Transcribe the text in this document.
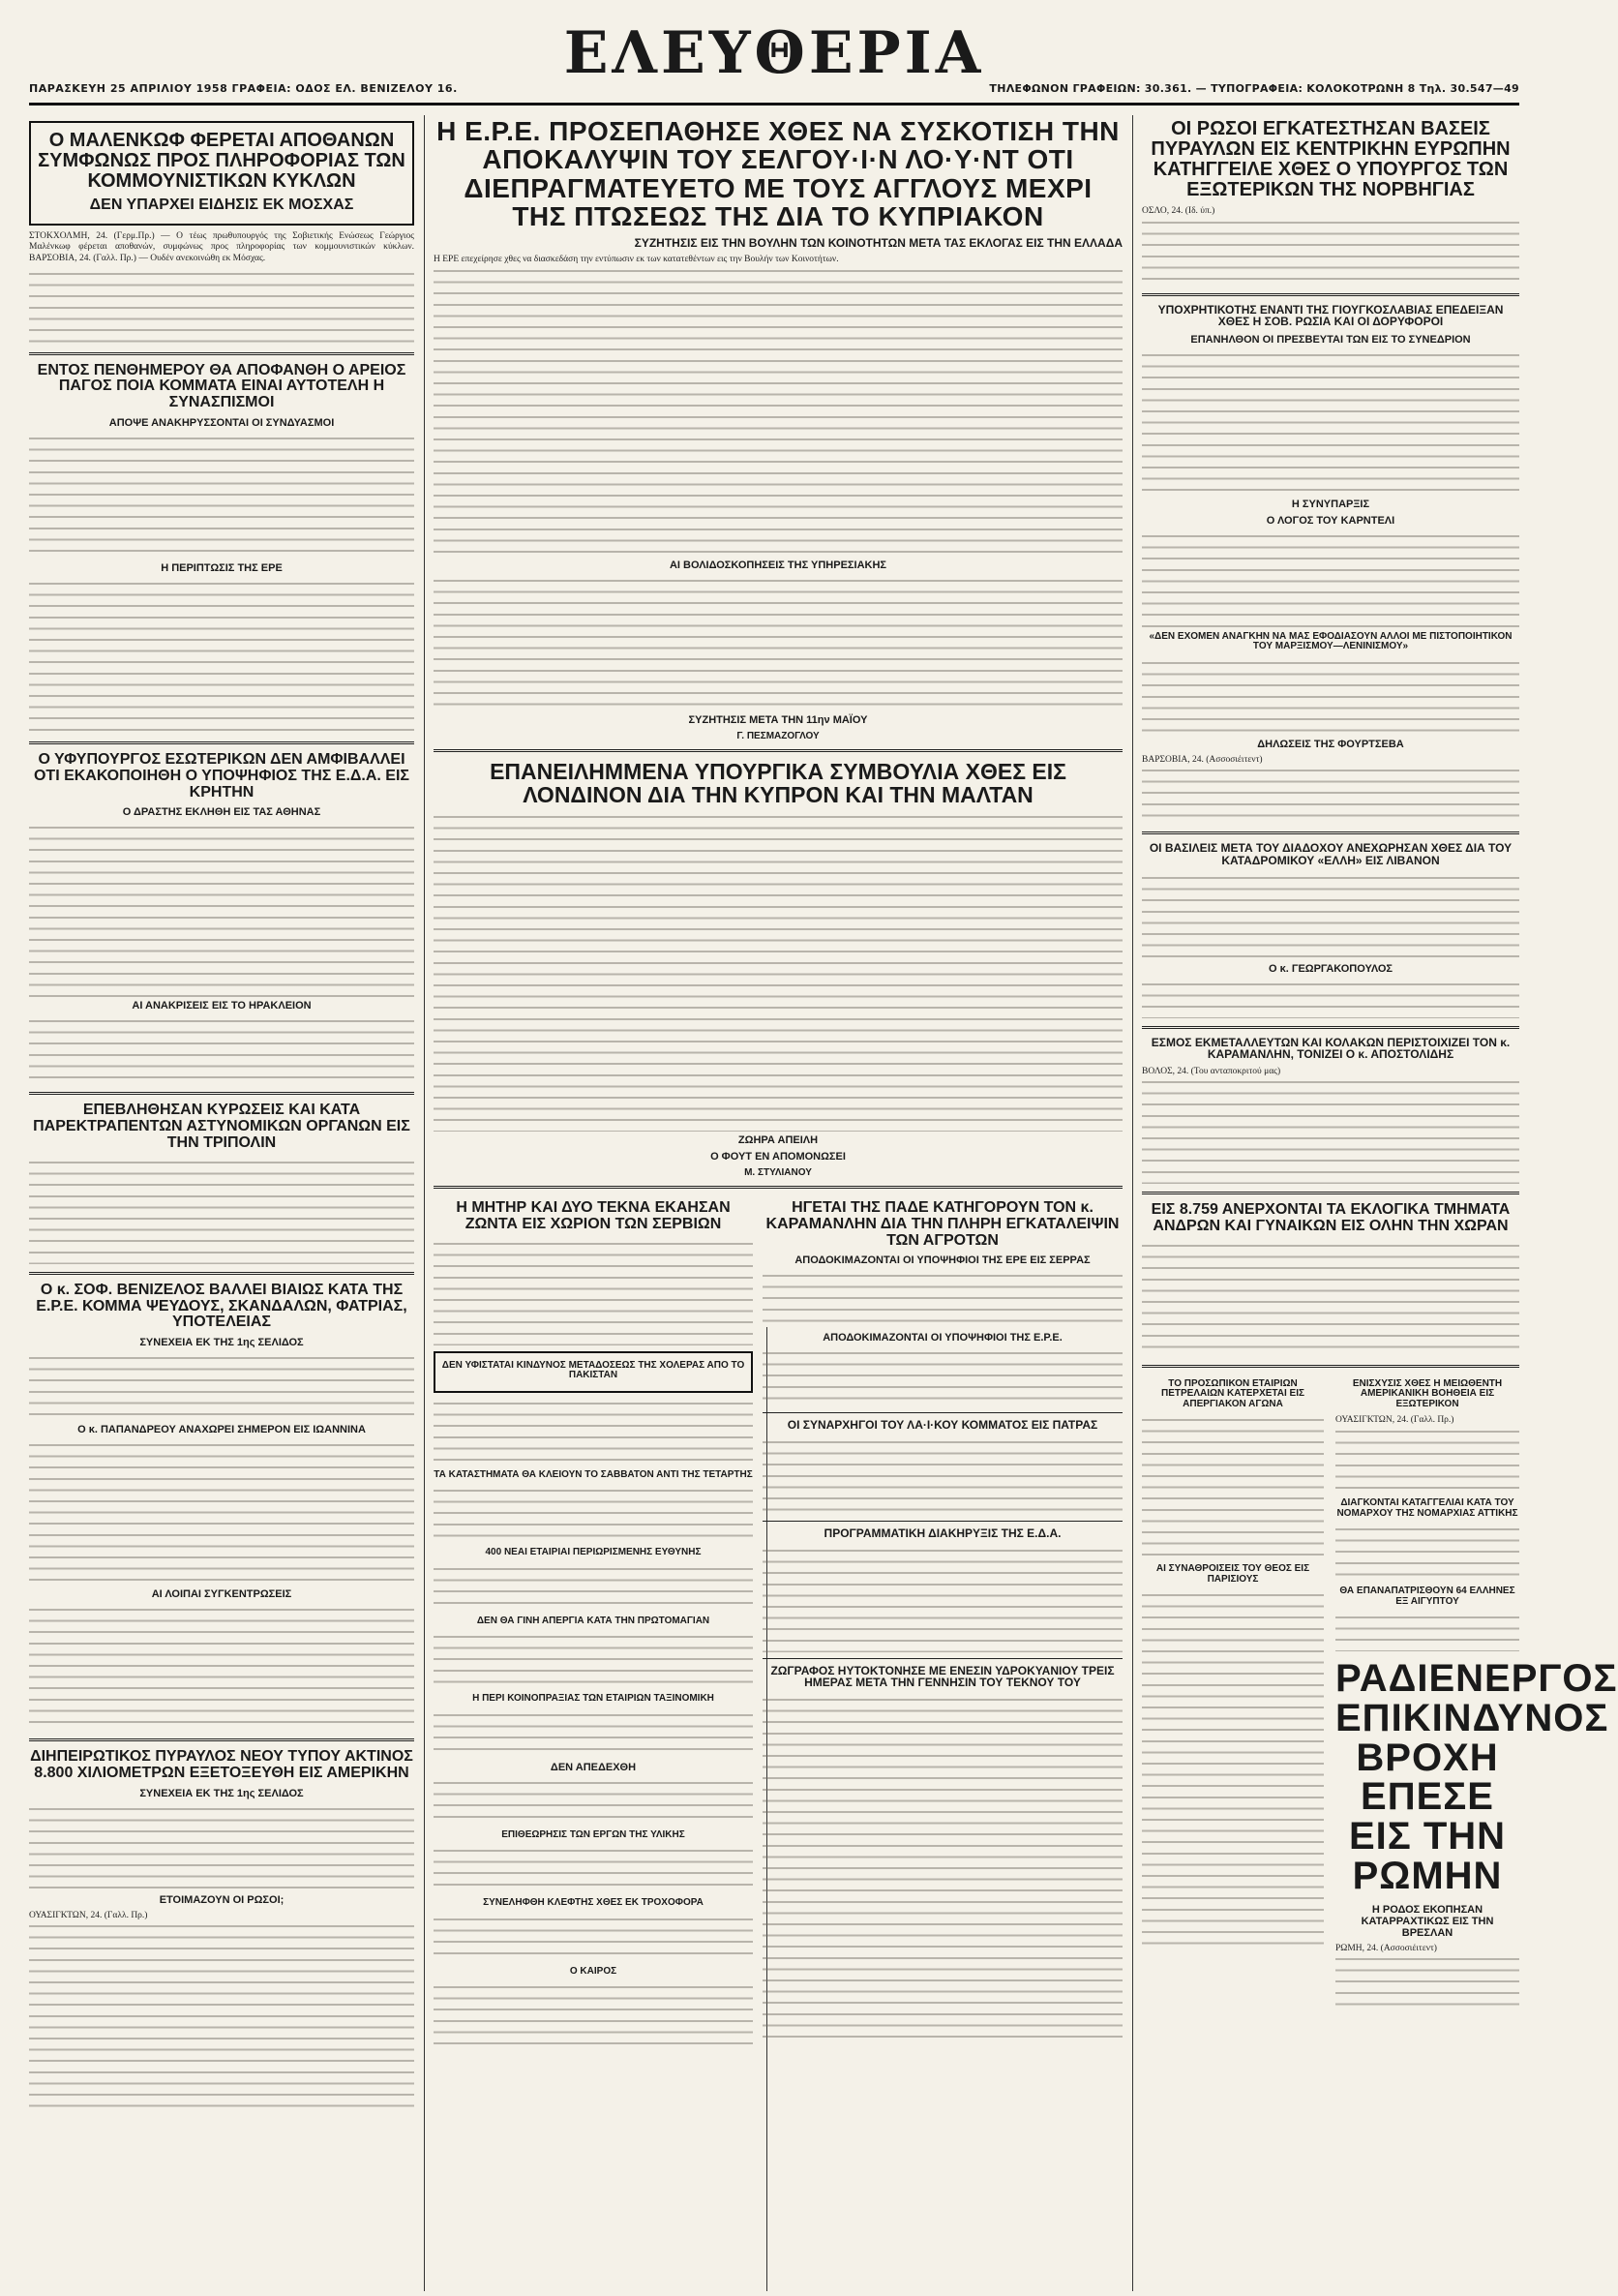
ΠΑΡΑΣΚΕΥΗ 25 ΑΠΡΙΛΙΟΥ 1958 ΓΡΑΦΕΙΑ: ΟΔΟΣ ΕΛ. ΒΕΝΙΖΕΛΟΥ 16.
ΕΛΕΥΘΕΡΙΑ
ΤΗΛΕΦΩΝΟΝ ΓΡΑΦΕΙΩΝ: 30.361. — ΤΥΠΟΓΡΑΦΕΙΑ: ΚΟΛΟΚΟΤΡΩΝΗ 8 Τηλ. 30.547—49
Ο ΜΑΛΕΝΚΩΦ ΦΕΡΕΤΑΙ ΑΠΟΘΑΝΩΝ ΣΥΜΦΩΝΩΣ ΠΡΟΣ ΠΛΗΡΟΦΟΡΙΑΣ ΤΩΝ ΚΟΜΜΟΥΝΙΣΤΙΚΩΝ ΚΥΚΛΩΝ
ΔΕΝ ΥΠΑΡΧΕΙ ΕΙΔΗΣΙΣ ΕΚ ΜΟΣΧΑΣ

ΣΤΟΚΧΟΛΜΗ, 24. (Γερμ.Πρ.) — Ο τέως πρωθυπουργός της Σοβιετικής Ενώσεως Γεώργιος Μαλένκωφ φέρεται αποθανών, συμφώνως προς πληροφορίας των κομμουνιστικών κύκλων. ΒΑΡΣΟΒΙΑ, 24. (Γαλλ. Πρ.) — Ουδέν ανεκοινώθη εκ Μόσχας.

ΕΝΤΟΣ ΠΕΝΘΗΜΕΡΟΥ ΘΑ ΑΠΟΦΑΝΘΗ Ο ΑΡΕΙΟΣ ΠΑΓΟΣ ΠΟΙΑ ΚΟΜΜΑΤΑ ΕΙΝΑΙ ΑΥΤΟΤΕΛΗ Η ΣΥΝΑΣΠΙΣΜΟΙ
ΑΠΟΨΕ ΑΝΑΚΗΡΥΣΣΟΝΤΑΙ ΟΙ ΣΥΝΔΥΑΣΜΟΙ
Η ΠΕΡΙΠΤΩΣΙΣ ΤΗΣ ΕΡΕ
Ο ΥΦΥΠΟΥΡΓΟΣ ΕΣΩΤΕΡΙΚΩΝ ΔΕΝ ΑΜΦΙΒΑΛΛΕΙ ΟΤΙ ΕΚΑΚΟΠΟΙΗΘΗ Ο ΥΠΟΨΗΦΙΟΣ ΤΗΣ Ε.Δ.Α. ΕΙΣ ΚΡΗΤΗΝ
Ο ΔΡΑΣΤΗΣ ΕΚΛΗΘΗ ΕΙΣ ΤΑΣ ΑΘΗΝΑΣ
ΑΙ ΑΝΑΚΡΙΣΕΙΣ ΕΙΣ ΤΟ ΗΡΑΚΛΕΙΟΝ
ΕΠΕΒΛΗΘΗΣΑΝ ΚΥΡΩΣΕΙΣ ΚΑΙ ΚΑΤΑ ΠΑΡΕΚΤΡΑΠΕΝΤΩΝ ΑΣΤΥΝΟΜΙΚΩΝ ΟΡΓΑΝΩΝ ΕΙΣ ΤΗΝ ΤΡΙΠΟΛΙΝ
Ο κ. ΣΟΦ. ΒΕΝΙΖΕΛΟΣ ΒΑΛΛΕΙ ΒΙΑΙΩΣ ΚΑΤΑ ΤΗΣ Ε.Ρ.Ε. ΚΟΜΜΑ ΨΕΥΔΟΥΣ, ΣΚΑΝΔΑΛΩΝ, ΦΑΤΡΙΑΣ, ΥΠΟΤΕΛΕΙΑΣ
ΣΥΝΕΧΕΙΑ ΕΚ ΤΗΣ 1ης ΣΕΛΙΔΟΣ
Ο κ. ΠΑΠΑΝΔΡΕΟΥ ΑΝΑΧΩΡΕΙ ΣΗΜΕΡΟΝ ΕΙΣ ΙΩΑΝΝΙΝΑ
ΑΙ ΛΟΙΠΑΙ ΣΥΓΚΕΝΤΡΩΣΕΙΣ
ΔΙΗΠΕΙΡΩΤΙΚΟΣ ΠΥΡΑΥΛΟΣ ΝΕΟΥ ΤΥΠΟΥ ΑΚΤΙΝΟΣ 8.800 ΧΙΛΙΟΜΕΤΡΩΝ ΕΞΕΤΟΞΕΥΘΗ ΕΙΣ ΑΜΕΡΙΚΗΝ
ΣΥΝΕΧΕΙΑ ΕΚ ΤΗΣ 1ης ΣΕΛΙΔΟΣ
ΕΤΟΙΜΑΖΟΥΝ ΟΙ ΡΩΣΟΙ;

ΟΥΑΣΙΓΚΤΩΝ, 24. (Γαλλ. Πρ.)

Η Ε.Ρ.Ε. ΠΡΟΣΕΠΑΘΗΣΕ ΧΘΕΣ ΝΑ ΣΥΣΚΟΤΙΣΗ ΤΗΝ ΑΠΟΚΑΛΥΨΙΝ ΤΟΥ ΣΕΛΓΟΥ·Ι·Ν ΛΟ·Υ·ΝΤ ΟΤΙ ΔΙΕΠΡΑΓΜΑΤΕΥΕΤΟ ΜΕ ΤΟΥΣ ΑΓΓΛΟΥΣ ΜΕΧΡΙ ΤΗΣ ΠΤΩΣΕΩΣ ΤΗΣ ΔΙΑ ΤΟ ΚΥΠΡΙΑΚΟΝ
ΣΥΖΗΤΗΣΙΣ ΕΙΣ ΤΗΝ ΒΟΥΛΗΝ ΤΩΝ ΚΟΙΝΟΤΗΤΩΝ ΜΕΤΑ ΤΑΣ ΕΚΛΟΓΑΣ ΕΙΣ ΤΗΝ ΕΛΛΑΔΑ

Η ΕΡΕ επεχείρησε χθες να διασκεδάση την εντύπωσιν εκ των κατατεθέντων εις την Βουλήν των Κοινοτήτων.

ΑΙ ΒΟΛΙΔΟΣΚΟΠΗΣΕΙΣ ΤΗΣ ΥΠΗΡΕΣΙΑΚΗΣ
ΣΥΖΗΤΗΣΙΣ ΜΕΤΑ ΤΗΝ 11ην ΜΑΪΟΥ
Γ. ΠΕΣΜΑΖΟΓΛΟΥ
ΕΠΑΝΕΙΛΗΜΜΕΝΑ ΥΠΟΥΡΓΙΚΑ ΣΥΜΒΟΥΛΙΑ ΧΘΕΣ ΕΙΣ ΛΟΝΔΙΝΟΝ ΔΙΑ ΤΗΝ ΚΥΠΡΟΝ ΚΑΙ ΤΗΝ ΜΑΛΤΑΝ
ΖΩΗΡΑ ΑΠΕΙΛΗ
Ο ΦΟΥΤ ΕΝ ΑΠΟΜΟΝΩΣΕΙ
Μ. ΣΤΥΛΙΑΝΟΥ
Η ΜΗΤΗΡ ΚΑΙ ΔΥΟ ΤΕΚΝΑ ΕΚΑΗΣΑΝ ΖΩΝΤΑ ΕΙΣ ΧΩΡΙΟΝ ΤΩΝ ΣΕΡΒΙΩΝ
ΔΕΝ ΥΦΙΣΤΑΤΑΙ ΚΙΝΔΥΝΟΣ ΜΕΤΑΔΟΣΕΩΣ ΤΗΣ ΧΟΛΕΡΑΣ ΑΠΟ ΤΟ ΠΑΚΙΣΤΑΝ
ΤΑ ΚΑΤΑΣΤΗΜΑΤΑ ΘΑ ΚΛΕΙΟΥΝ ΤΟ ΣΑΒΒΑΤΟΝ ΑΝΤΙ ΤΗΣ ΤΕΤΑΡΤΗΣ
400 ΝΕΑΙ ΕΤΑΙΡΙΑΙ ΠΕΡΙΩΡΙΣΜΕΝΗΣ ΕΥΘΥΝΗΣ
ΔΕΝ ΘΑ ΓΙΝΗ ΑΠΕΡΓΙΑ ΚΑΤΑ ΤΗΝ ΠΡΩΤΟΜΑΓΙΑΝ
Η ΠΕΡΙ ΚΟΙΝΟΠΡΑΞΙΑΣ ΤΩΝ ΕΤΑΙΡΙΩΝ ΤΑΞΙΝΟΜΙΚΗ
ΔΕΝ ΑΠΕΔΕΧΘΗ
ΕΠΙΘΕΩΡΗΣΙΣ ΤΩΝ ΕΡΓΩΝ ΤΗΣ ΥΛΙΚΗΣ
ΣΥΝΕΛΗΦΘΗ ΚΛΕΦΤΗΣ ΧΘΕΣ ΕΚ ΤΡΟΧΟΦΟΡΑ
Ο ΚΑΙΡΟΣ
ΗΓΕΤΑΙ ΤΗΣ ΠΑΔΕ ΚΑΤΗΓΟΡΟΥΝ ΤΟΝ κ. ΚΑΡΑΜΑΝΛΗΝ ΔΙΑ ΤΗΝ ΠΛΗΡΗ ΕΓΚΑΤΑΛΕΙΨΙΝ ΤΩΝ ΑΓΡΟΤΩΝ
ΑΠΟΔΟΚΙΜΑΖΟΝΤΑΙ ΟΙ ΥΠΟΨΗΦΙΟΙ ΤΗΣ ΕΡΕ ΕΙΣ ΣΕΡΡΑΣ
ΑΠΟΔΟΚΙΜΑΖΟΝΤΑΙ ΟΙ ΥΠΟΨΗΦΙΟΙ ΤΗΣ Ε.Ρ.Ε.
ΟΙ ΣΥΝΑΡΧΗΓΟΙ ΤΟΥ ΛΑ·Ι·ΚΟΥ ΚΟΜΜΑΤΟΣ ΕΙΣ ΠΑΤΡΑΣ
ΠΡΟΓΡΑΜΜΑΤΙΚΗ ΔΙΑΚΗΡΥΞΙΣ ΤΗΣ Ε.Δ.Α.
ΖΩΓΡΑΦΟΣ ΗΥΤΟΚΤΟΝΗΣΕ ΜΕ ΕΝΕΣΙΝ ΥΔΡΟΚΥΑΝΙΟΥ ΤΡΕΙΣ ΗΜΕΡΑΣ ΜΕΤΑ ΤΗΝ ΓΕΝΝΗΣΙΝ ΤΟΥ ΤΕΚΝΟΥ ΤΟΥ
ΟΙ ΡΩΣΟΙ ΕΓΚΑΤΕΣΤΗΣΑΝ ΒΑΣΕΙΣ ΠΥΡΑΥΛΩΝ ΕΙΣ ΚΕΝΤΡΙΚΗΝ ΕΥΡΩΠΗΝ ΚΑΤΗΓΓΕΙΛΕ ΧΘΕΣ Ο ΥΠΟΥΡΓΟΣ ΤΩΝ ΕΞΩΤΕΡΙΚΩΝ ΤΗΣ ΝΟΡΒΗΓΙΑΣ

ΟΣΛΟ, 24. (Ιδ. ύπ.)

ΥΠΟΧΡΗΤΙΚΟΤΗΣ ΕΝΑΝΤΙ ΤΗΣ ΓΙΟΥΓΚΟΣΛΑΒΙΑΣ ΕΠΕΔΕΙΞΑΝ ΧΘΕΣ Η ΣΟΒ. ΡΩΣΙΑ ΚΑΙ ΟΙ ΔΟΡΥΦΟΡΟΙ
ΕΠΑΝΗΛΘΟΝ ΟΙ ΠΡΕΣΒΕΥΤΑΙ ΤΩΝ ΕΙΣ ΤΟ ΣΥΝΕΔΡΙΟΝ
Η ΣΥΝΥΠΑΡΞΙΣ
Ο ΛΟΓΟΣ ΤΟΥ ΚΑΡΝΤΕΛΙ
«ΔΕΝ ΕΧΟΜΕΝ ΑΝΑΓΚΗΝ ΝΑ ΜΑΣ ΕΦΟΔΙΑΣΟΥΝ ΑΛΛΟΙ ΜΕ ΠΙΣΤΟΠΟΙΗΤΙΚΟΝ ΤΟΥ ΜΑΡΞΙΣΜΟΥ—ΛΕΝΙΝΙΣΜΟΥ»
ΔΗΛΩΣΕΙΣ ΤΗΣ ΦΟΥΡΤΣΕΒΑ

ΒΑΡΣΟΒΙΑ, 24. (Ασσοσιέιτεντ)

ΟΙ ΒΑΣΙΛΕΙΣ ΜΕΤΑ ΤΟΥ ΔΙΑΔΟΧΟΥ ΑΝΕΧΩΡΗΣΑΝ ΧΘΕΣ ΔΙΑ ΤΟΥ ΚΑΤΑΔΡΟΜΙΚΟΥ «ΕΛΛΗ» ΕΙΣ ΛΙΒΑΝΟΝ
Ο κ. ΓΕΩΡΓΑΚΟΠΟΥΛΟΣ
ΕΣΜΟΣ ΕΚΜΕΤΑΛΛΕΥΤΩΝ ΚΑΙ ΚΟΛΑΚΩΝ ΠΕΡΙΣΤΟΙΧΙΖΕΙ ΤΟΝ κ. ΚΑΡΑΜΑΝΛΗΝ, ΤΟΝΙΖΕΙ Ο κ. ΑΠΟΣΤΟΛΙΔΗΣ

ΒΟΛΟΣ, 24. (Του ανταποκριτού μας)

ΕΙΣ 8.759 ΑΝΕΡΧΟΝΤΑΙ ΤΑ ΕΚΛΟΓΙΚΑ ΤΜΗΜΑΤΑ ΑΝΔΡΩΝ ΚΑΙ ΓΥΝΑΙΚΩΝ ΕΙΣ ΟΛΗΝ ΤΗΝ ΧΩΡΑΝ
ΤΟ ΠΡΟΣΩΠΙΚΟΝ ΕΤΑΙΡΙΩΝ ΠΕΤΡΕΛΑΙΩΝ ΚΑΤΕΡΧΕΤΑΙ ΕΙΣ ΑΠΕΡΓΙΑΚΟΝ ΑΓΩΝΑ
ΑΙ ΣΥΝΑΘΡΟΙΣΕΙΣ ΤΟΥ ΘΕΟΣ ΕΙΣ ΠΑΡΙΣΙΟΥΣ
ΕΝΙΣΧΥΣΙΣ ΧΘΕΣ Η ΜΕΙΩΘΕΝΤΗ ΑΜΕΡΙΚΑΝΙΚΗ ΒΟΗΘΕΙΑ ΕΙΣ ΕΞΩΤΕΡΙΚΟΝ

ΟΥΑΣΙΓΚΤΩΝ, 24. (Γαλλ. Πρ.)

ΔΙΑΓΚΟΝΤΑΙ ΚΑΤΑΓΓΕΛΙΑΙ ΚΑΤΑ ΤΟΥ ΝΟΜΑΡΧΟΥ ΤΗΣ ΝΟΜΑΡΧΙΑΣ ΑΤΤΙΚΗΣ
ΘΑ ΕΠΑΝΑΠΑΤΡΙΣΘΟΥΝ 64 ΕΛΛΗΝΕΣ ΕΞ ΑΙΓΥΠΤΟΥ
ΡΑΔΙΕΝΕΡΓΟΣ ΕΠΙΚΙΝΔΥΝΟΣ ΒΡΟΧΗ ΕΠΕΣΕ ΕΙΣ ΤΗΝ ΡΩΜΗΝ
Η ΡΟΔΟΣ ΕΚΟΠΗΣΑΝ ΚΑΤΑΡΡΑΧΤΙΚΩΣ ΕΙΣ ΤΗΝ ΒΡΕΣΛΑΝ

ΡΩΜΗ, 24. (Ασσοσιέιτεντ)
